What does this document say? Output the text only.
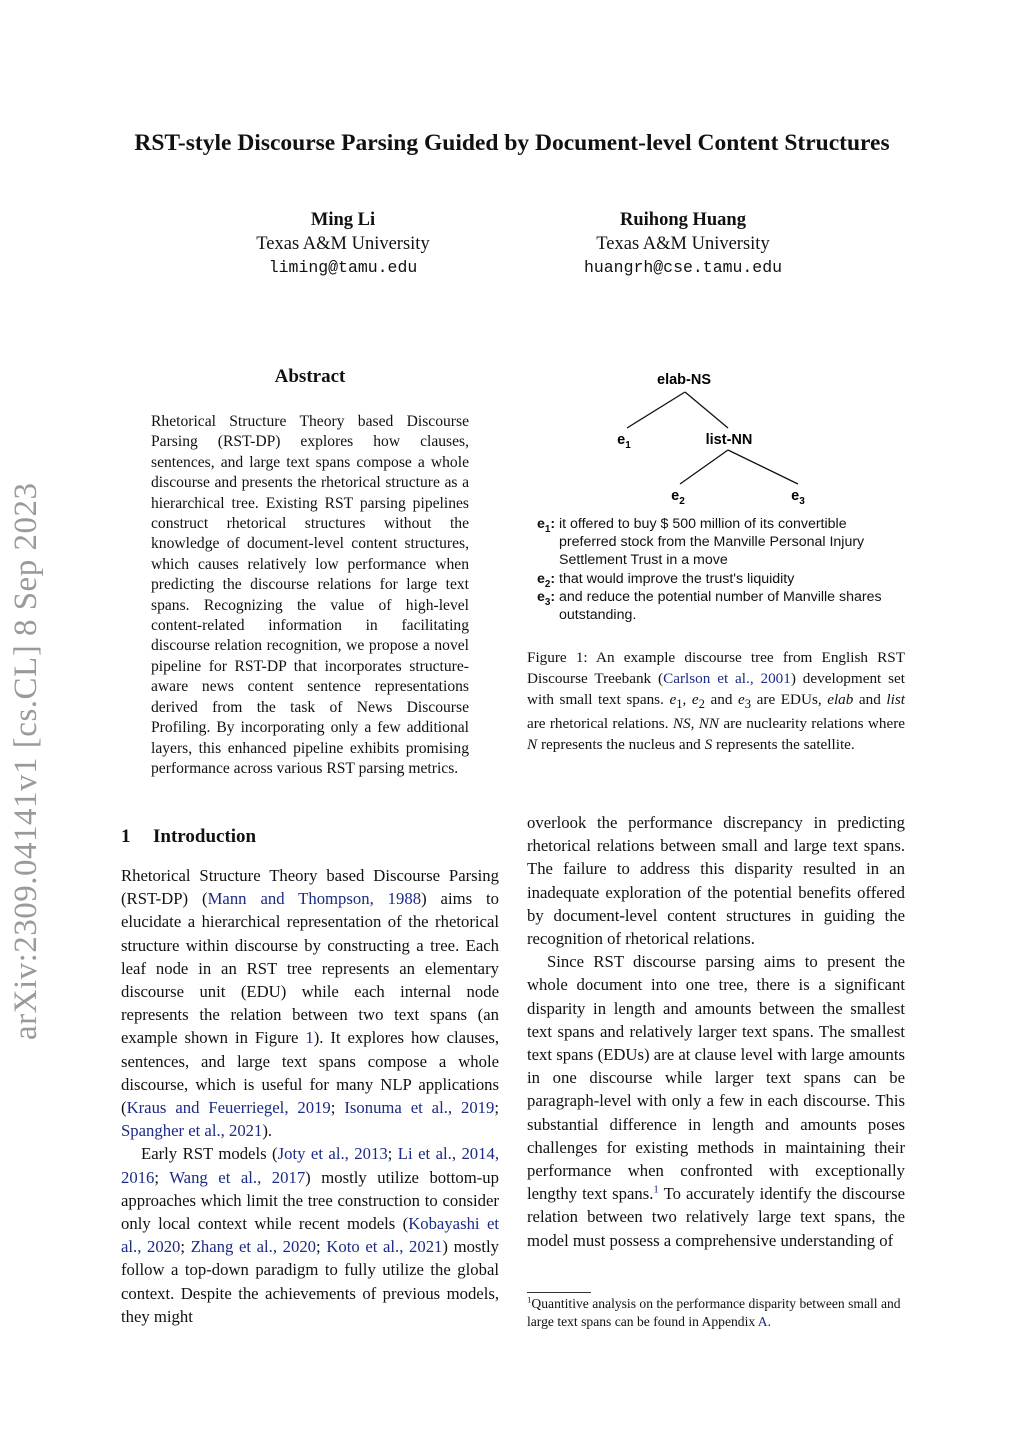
RST-style Discourse Parsing Guided by Document-level Content Structures
Ming Li
Texas A&M University
liming@tamu.edu
Ruihong Huang
Texas A&M University
huangrh@cse.tamu.edu
arXiv:2309.04141v1 [cs.CL] 8 Sep 2023
Abstract
Rhetorical Structure Theory based Discourse Parsing (RST-DP) explores how clauses, sentences, and large text spans compose a whole discourse and presents the rhetorical structure as a hierarchical tree. Existing RST parsing pipelines construct rhetorical structures without the knowledge of document-level content structures, which causes relatively low performance when predicting the discourse relations for large text spans. Recognizing the value of high-level content-related information in facilitating discourse relation recognition, we propose a novel pipeline for RST-DP that incorporates structure-aware news content sentence representations derived from the task of News Discourse Profiling. By incorporating only a few additional layers, this enhanced pipeline exhibits promising performance across various RST parsing metrics.
elab-NS
$e_1$	list-NN
$e_2$	$e_3$
$e_1$: it offered to buy $ 500 million of its convertible preferred stock from the Manville Personal Injury Settlement Trust in a move
$e_2$: that would improve the trust's liquidity
$e_3$: and reduce the potential number of Manville shares outstanding.
Figure 1: An example discourse tree from English RST Discourse Treebank (Carlson et al., 2001) development set with small text spans. $e_1$, $e_2$ and $e_3$ are EDUs, elab and list are rhetorical relations. NS, NN are nuclearity relations where N represents the nucleus and S represents the satellite.
1 Introduction

Rhetorical Structure Theory based Discourse Parsing (RST-DP) (Mann and Thompson, 1988) aims to elucidate a hierarchical representation of the rhetorical structure within discourse by constructing a tree. Each leaf node in an RST tree represents an elementary discourse unit (EDU) while each internal node represents the relation between two text spans (an example shown in Figure 1). It explores how clauses, sentences, and large text spans compose a whole discourse, which is useful for many NLP applications (Kraus and Feuerriegel, 2019; Isonuma et al., 2019; Spangher et al., 2021).

Early RST models (Joty et al., 2013; Li et al., 2014, 2016; Wang et al., 2017) mostly utilize bottom-up approaches which limit the tree construction to consider only local context while recent models (Kobayashi et al., 2020; Zhang et al., 2020; Koto et al., 2021) mostly follow a top-down paradigm to fully utilize the global context. Despite the achievements of previous models, they might

overlook the performance discrepancy in predicting rhetorical relations between small and large text spans. The failure to address this disparity resulted in an inadequate exploration of the potential benefits offered by document-level content structures in guiding the recognition of rhetorical relations.

Since RST discourse parsing aims to present the whole document into one tree, there is a significant disparity in length and amounts between the smallest text spans and relatively larger text spans. The smallest text spans (EDUs) are at clause level with large amounts in one discourse while larger text spans can be paragraph-level with only a few in each discourse. This substantial difference in length and amounts poses challenges for existing methods in maintaining their performance when confronted with exceptionally lengthy text spans.$^1$ To accurately identify the discourse relation between two relatively large text spans, the model must possess a comprehensive understanding of

$^1$Quantitive analysis on the performance disparity between small and large text spans can be found in Appendix A.
